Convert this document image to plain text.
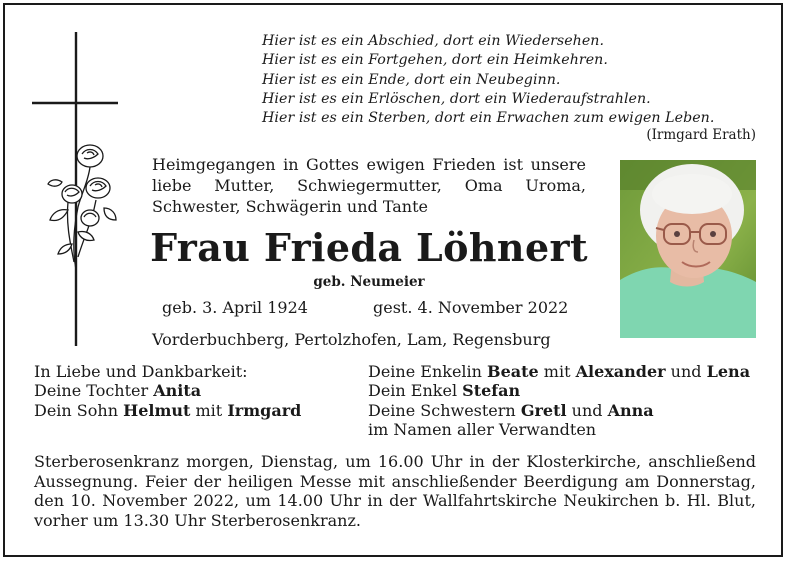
Hier ist es ein Abschied, dort ein Wiedersehen.
Hier ist es ein Fortgehen, dort ein Heimkehren.
Hier ist es ein Ende, dort ein Neubeginn.
Hier ist es ein Erlöschen, dort ein Wiederaufstrahlen.
Hier ist es ein Sterben, dort ein Erwachen zum ewigen Leben.
(Irmgard Erath)

Heimgegangen in Gottes ewigen Frieden ist unsere liebe Mutter, Schwiegermutter, Oma Uroma, Schwester, Schwägerin und Tante

Frau Frieda Löhnert
geb. Neumeier
geb. 3. April 1924	gest. 4. November 2022
Vorderbuchberg, Pertolzhofen, Lam, Regensburg
In Liebe und Dankbarkeit:
Deine Tochter Anita
Dein Sohn Helmut mit Irmgard
Deine Enkelin Beate mit Alexander und Lena
Dein Enkel Stefan
Deine Schwestern Gretl und Anna
im Namen aller Verwandten

Sterberosenkranz morgen, Dienstag, um 16.00 Uhr in der Klosterkirche, anschließend Aussegnung. Feier der heiligen Messe mit anschließender Beerdigung am Donnerstag, den 10. November 2022, um 14.00 Uhr in der Wallfahrtskirche Neukirchen b. Hl. Blut, vorher um 13.30 Uhr Sterberosenkranz.
